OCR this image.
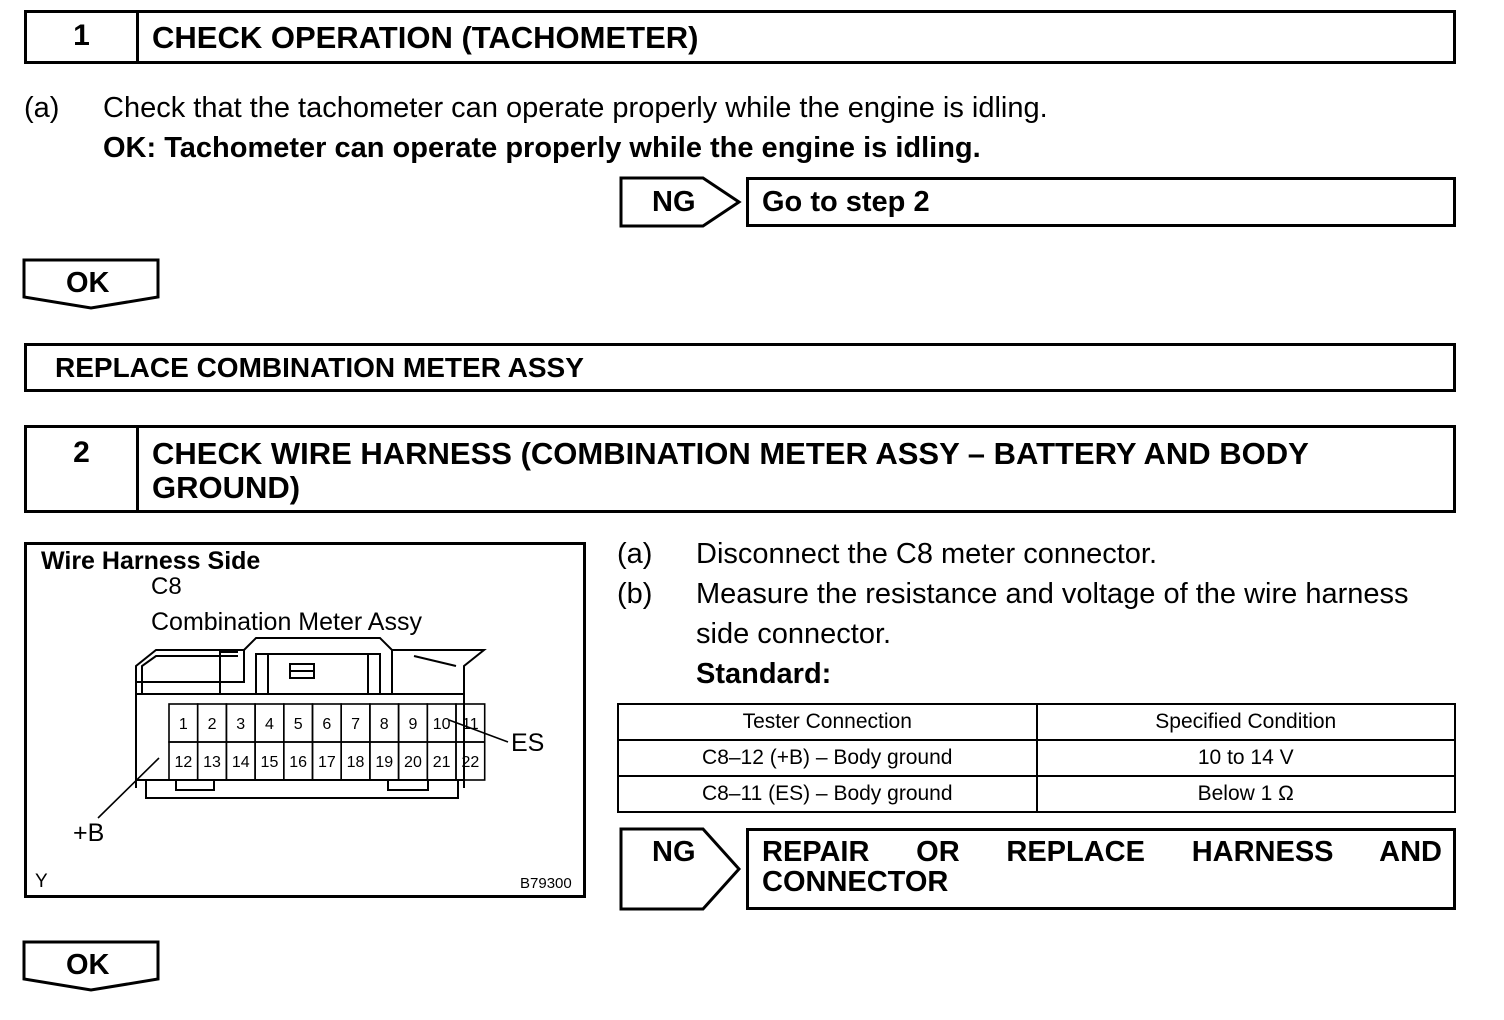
1	CHECK OPERATION (TACHOMETER)
(a) Check that the tachometer can operate properly while the engine is idling.
OK: Tachometer can operate properly while the engine is idling.
NG Go to step 2
OK
REPLACE COMBINATION METER ASSY
2	CHECK WIRE HARNESS (COMBINATION METER ASSY – BATTERY AND BODY GROUND)
Wire Harness Side
C8
Combination Meter Assy
1 2 3 4 5 6 7 8 9 10 11
12 13 14 15 16 17 18 19 20 21 22
ES
+B
Y	B79300
(a) Disconnect the C8 meter connector.
(b) Measure the resistance and voltage of the wire harness
side connector.
Standard:
Tester Connection	Specified Condition
C8–12 (+B) – Body ground	10 to 14 V
C8–11 (ES) – Body ground	Below 1 Ω
NG REPAIR OR REPLACE HARNESS AND
CONNECTOR
OK
